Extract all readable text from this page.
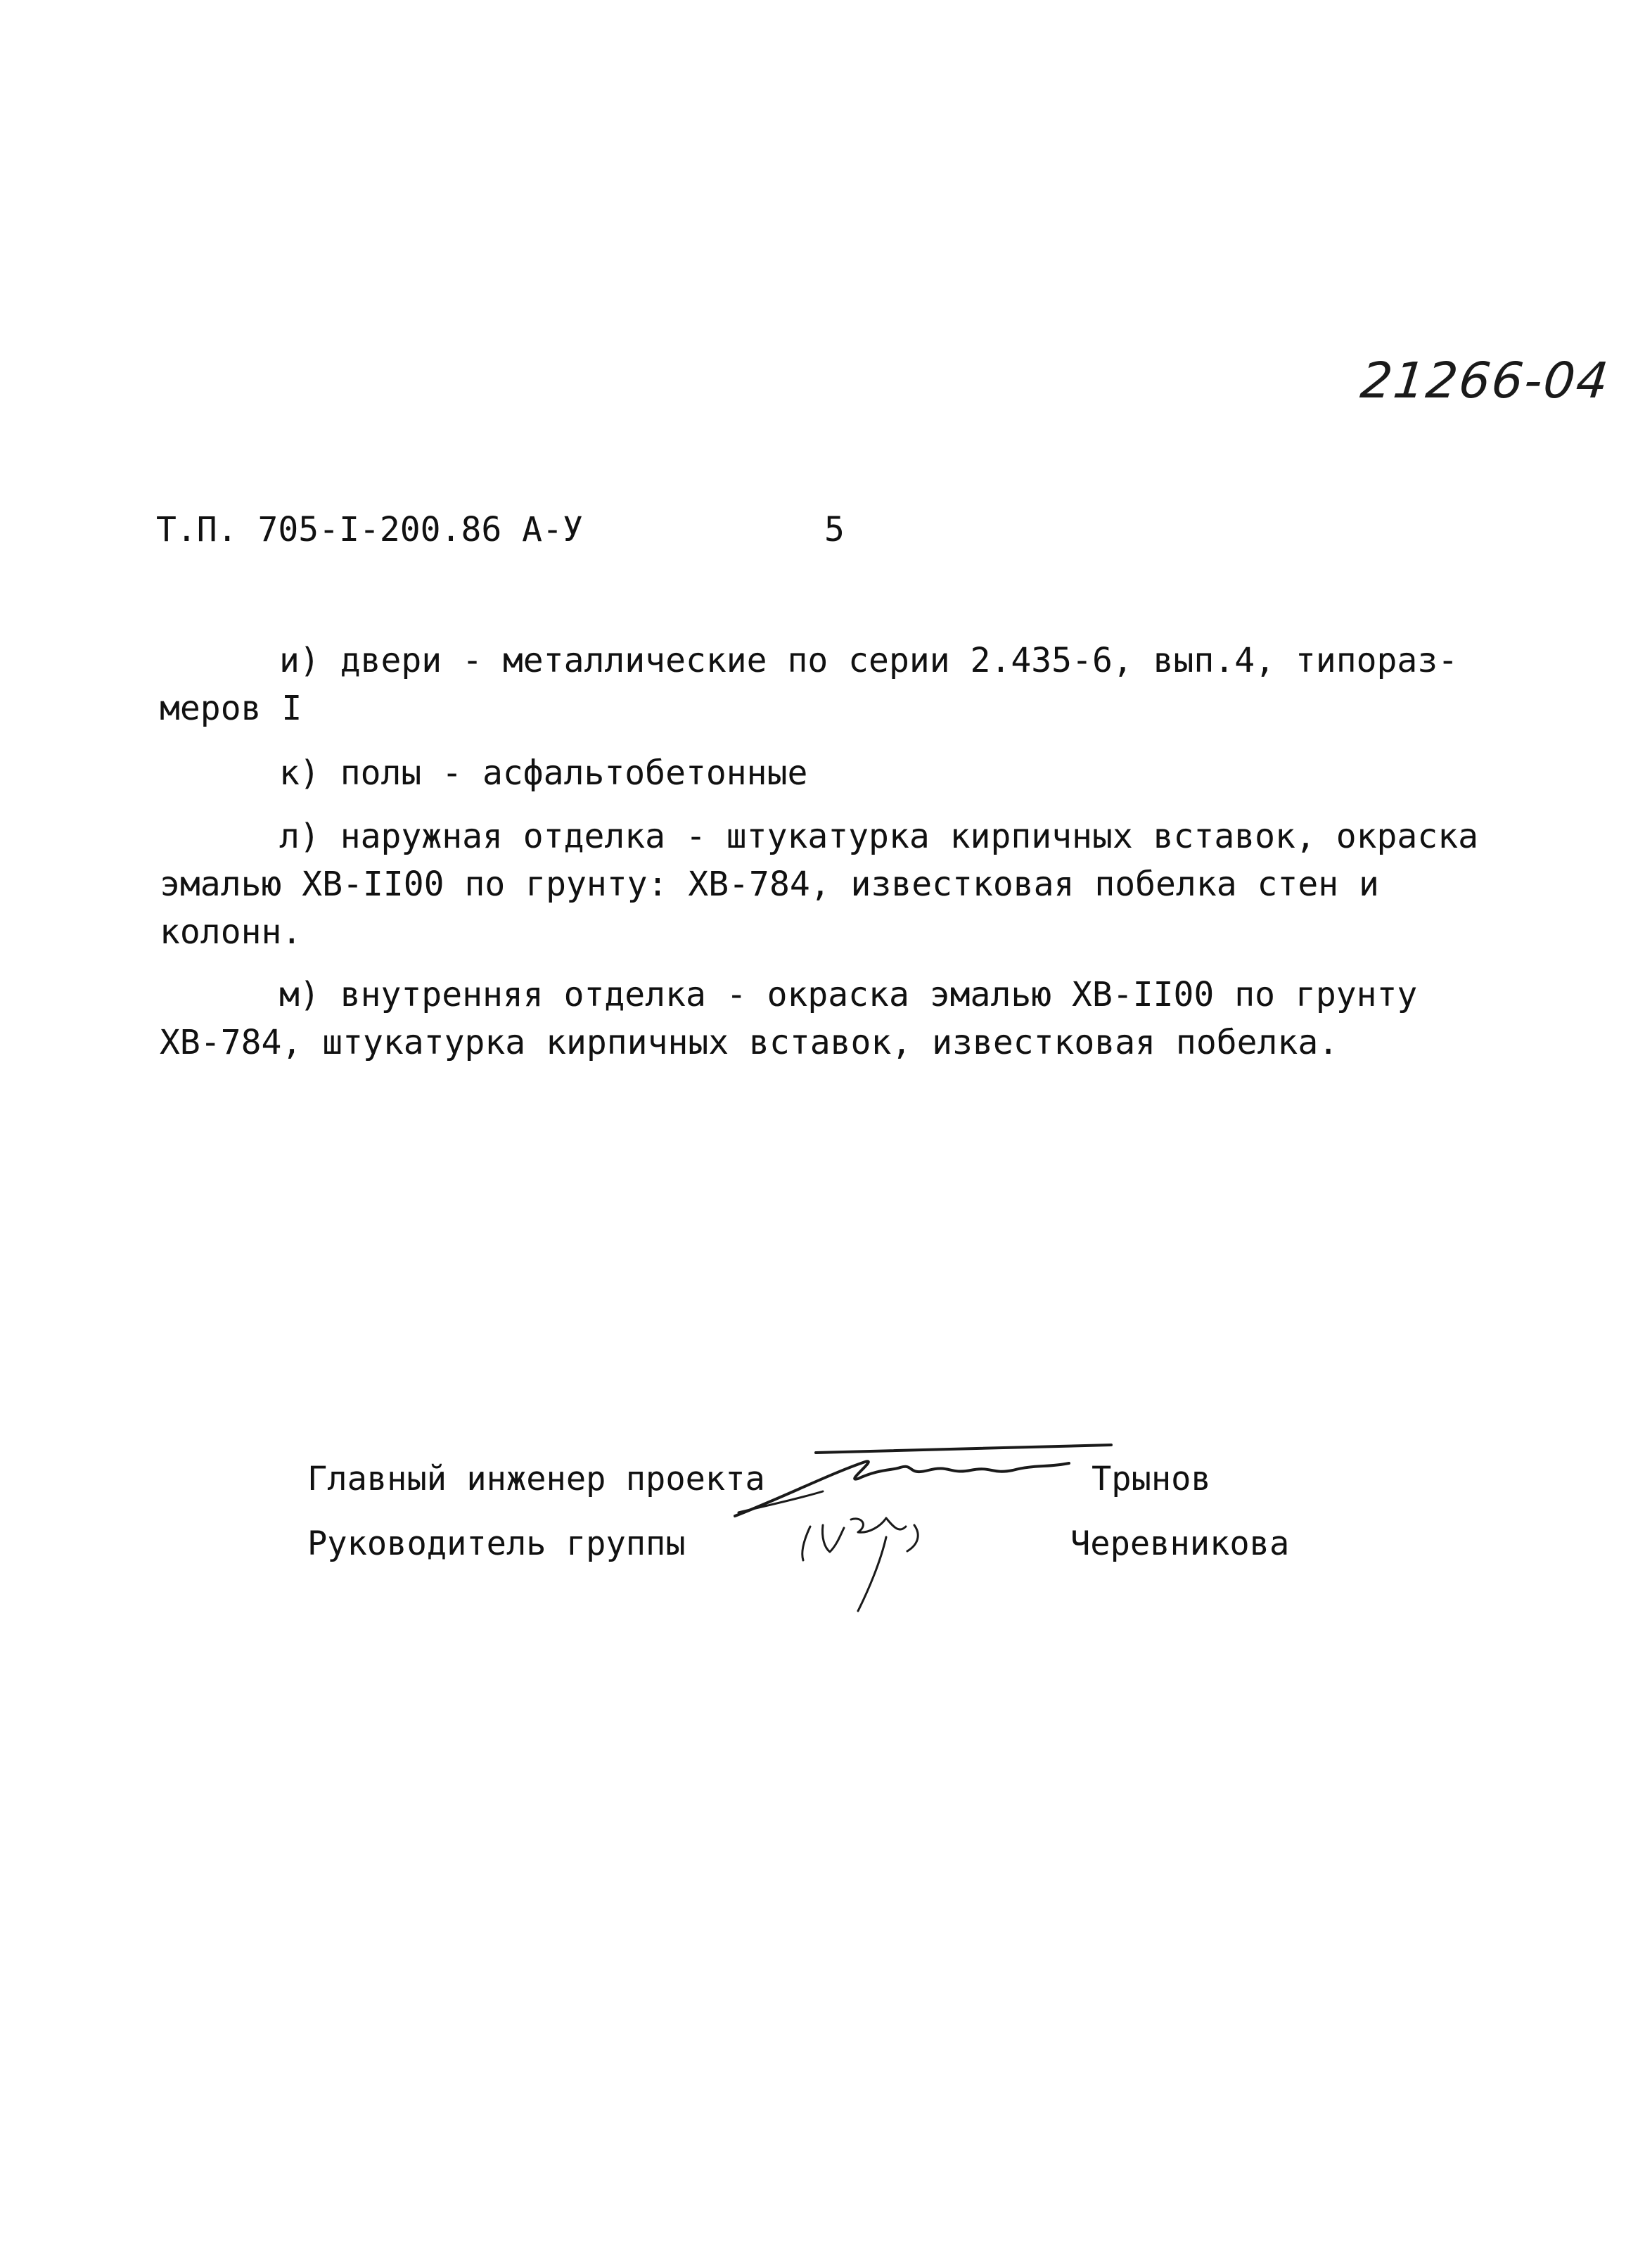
21266-04
Т.П. 705-I-200.86 А-У	5
и) двери - металлические по серии 2.435-6, вып.4, типораз-
меров I
к) полы - асфальтобетонные
л) наружная отделка - штукатурка кирпичных вставок, окраска
эмалью ХВ-II00 по грунту: ХВ-784, известковая побелка стен и
колонн.
м) внутренняя отделка - окраска эмалью ХВ-II00 по грунту
ХВ-784, штукатурка кирпичных вставок, известковая побелка.
Главный инженер проекта	Трынов
Руководитель группы	Черевникова
